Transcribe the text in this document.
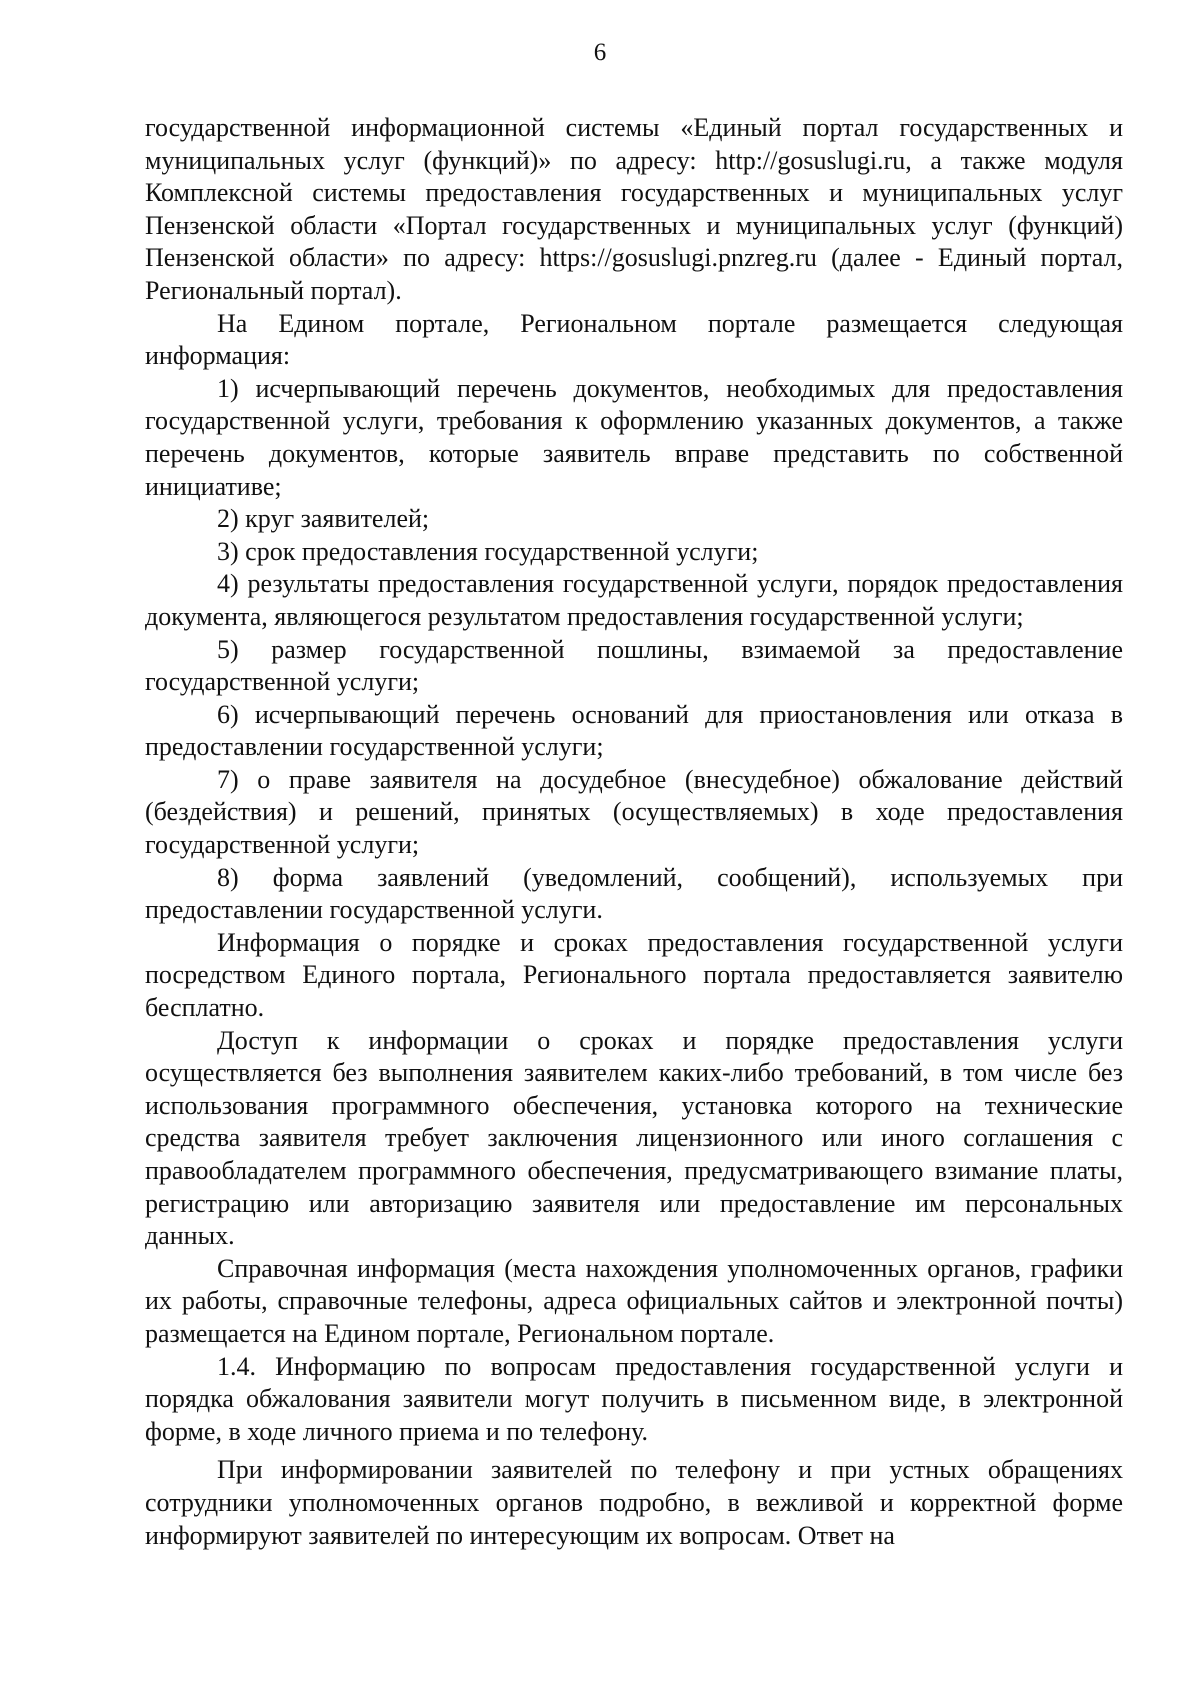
6

государственной информационной системы «Единый портал государственных и муниципальных услуг (функций)» по адресу: http://gosuslugi.ru, а также модуля Комплексной системы предоставления государственных и муниципальных услуг Пензенской области «Портал государственных и муниципальных услуг (функций) Пензенской области» по адресу: https://gosuslugi.pnzreg.ru (далее - Единый портал, Региональный портал).

На Едином портале, Региональном портале размещается следующая информация:

1) исчерпывающий перечень документов, необходимых для предоставления государственной услуги, требования к оформлению указанных документов, а также перечень документов, которые заявитель вправе представить по собственной инициативе;

2) круг заявителей;

3) срок предоставления государственной услуги;

4) результаты предоставления государственной услуги, порядок предоставления документа, являющегося результатом предоставления государственной услуги;

5) размер государственной пошлины, взимаемой за предоставление государственной услуги;

6) исчерпывающий перечень оснований для приостановления или отказа в предоставлении государственной услуги;

7) о праве заявителя на досудебное (внесудебное) обжалование действий (бездействия) и решений, принятых (осуществляемых) в ходе предоставления государственной услуги;

8) форма заявлений (уведомлений, сообщений), используемых при предоставлении государственной услуги.

Информация о порядке и сроках предоставления государственной услуги посредством Единого портала, Регионального портала предоставляется заявителю бесплатно.

Доступ к информации о сроках и порядке предоставления услуги осуществляется без выполнения заявителем каких-либо требований, в том числе без использования программного обеспечения, установка которого на технические средства заявителя требует заключения лицензионного или иного соглашения с правообладателем программного обеспечения, предусматривающего взимание платы, регистрацию или авторизацию заявителя или предоставление им персональных данных.

Справочная информация (места нахождения уполномоченных органов, графики их работы, справочные телефоны, адреса официальных сайтов и электронной почты) размещается на Едином портале, Региональном портале.

1.4. Информацию по вопросам предоставления государственной услуги и порядка обжалования заявители могут получить в письменном виде, в электронной форме, в ходе личного приема и по телефону.

При информировании заявителей по телефону и при устных обращениях сотрудники уполномоченных органов подробно, в вежливой и корректной форме информируют заявителей по интересующим их вопросам. Ответ на
